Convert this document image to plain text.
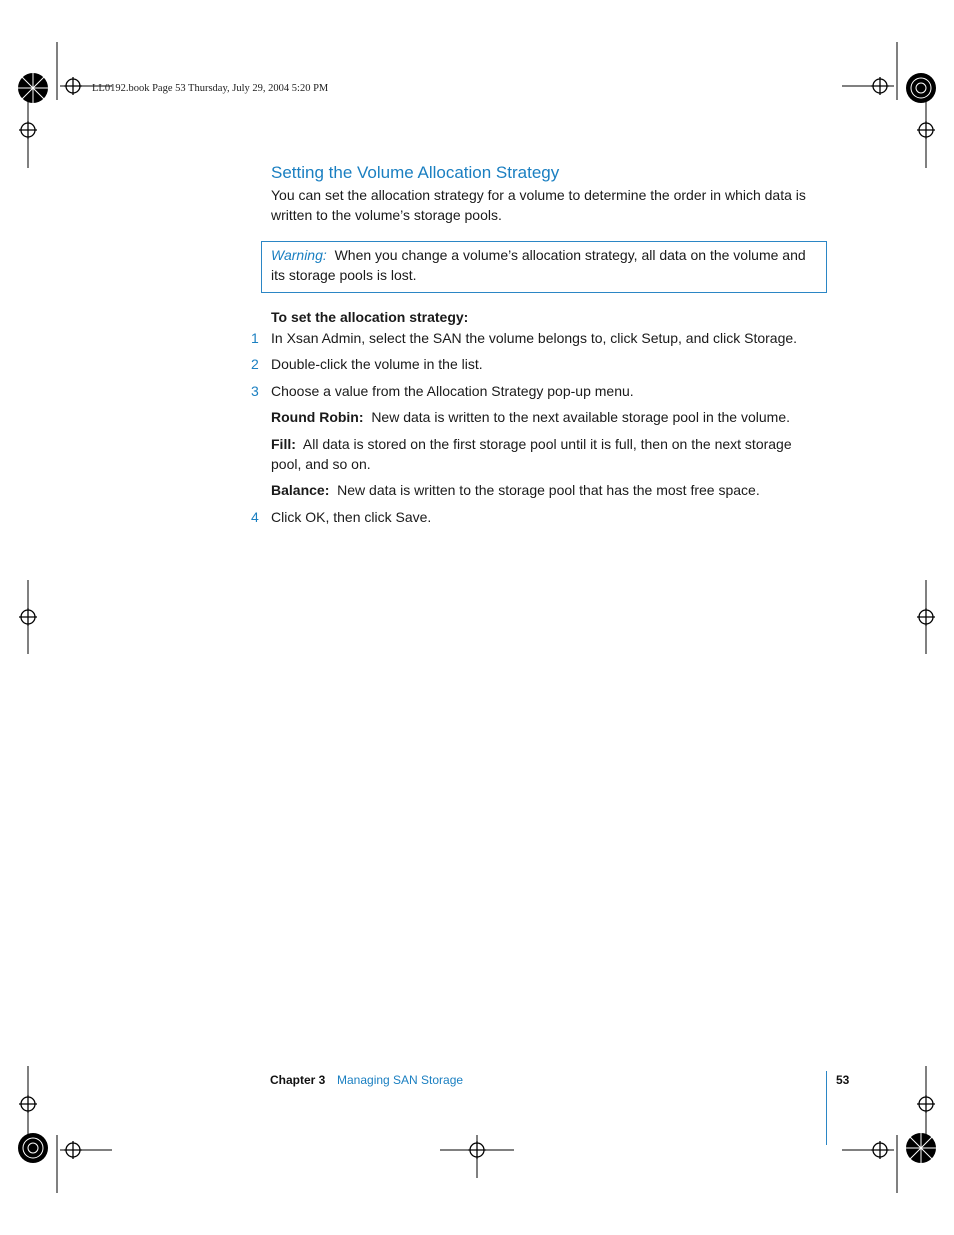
LL0192.book Page 53 Thursday, July 29, 2004 5:20 PM
Setting the Volume Allocation Strategy
You can set the allocation strategy for a volume to determine the order in which data is written to the volume’s storage pools.
Warning: When you change a volume’s allocation strategy, all data on the volume and its storage pools is lost.
To set the allocation strategy:
1 In Xsan Admin, select the SAN the volume belongs to, click Setup, and click Storage.
2 Double-click the volume in the list.
3 Choose a value from the Allocation Strategy pop-up menu.
Round Robin: New data is written to the next available storage pool in the volume.
Fill: All data is stored on the first storage pool until it is full, then on the next storage pool, and so on.
Balance: New data is written to the storage pool that has the most free space.
4 Click OK, then click Save.
Chapter 3 Managing SAN Storage	53
